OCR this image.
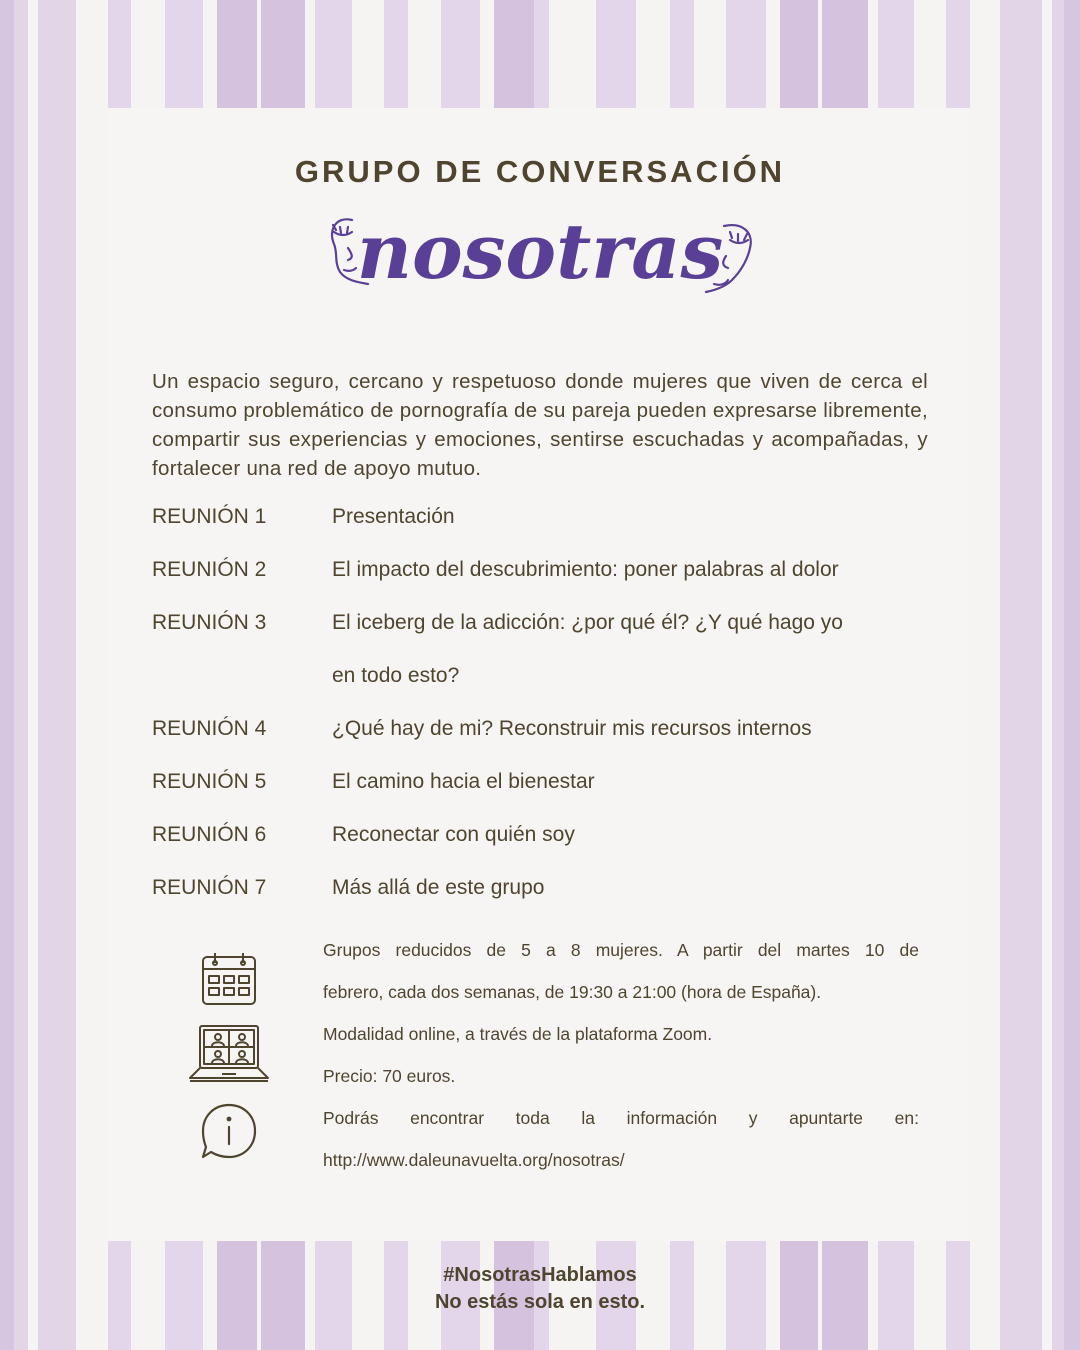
GRUPO DE CONVERSACIÓN
nosotras

Un espacio seguro, cercano y respetuoso donde mujeres que viven de cerca el consumo problemático de pornografía de su pareja pueden expresarse libremente, compartir sus experiencias y emociones, sentirse escuchadas y acompañadas, y fortalecer una red de apoyo mutuo.

REUNIÓN 1	Presentación
REUNIÓN 2	El impacto del descubrimiento: poner palabras al dolor
REUNIÓN 3	El iceberg de la adicción: ¿por qué él? ¿Y qué hago yo
en todo esto?
REUNIÓN 4	¿Qué hay de mi? Reconstruir mis recursos internos
REUNIÓN 5	El camino hacia el bienestar
REUNIÓN 6	Reconectar con quién soy
REUNIÓN 7	Más allá de este grupo

Grupos reducidos de 5 a 8 mujeres. A partir del martes 10 de

febrero, cada dos semanas, de 19:30 a 21:00 (hora de España).

Modalidad online, a través de la plataforma Zoom.

Precio: 70 euros.

Podrás encontrar toda la información y apuntarte en:

http://www.daleunavuelta.org/nosotras/

#NosotrasHablamos
No estás sola en esto.
